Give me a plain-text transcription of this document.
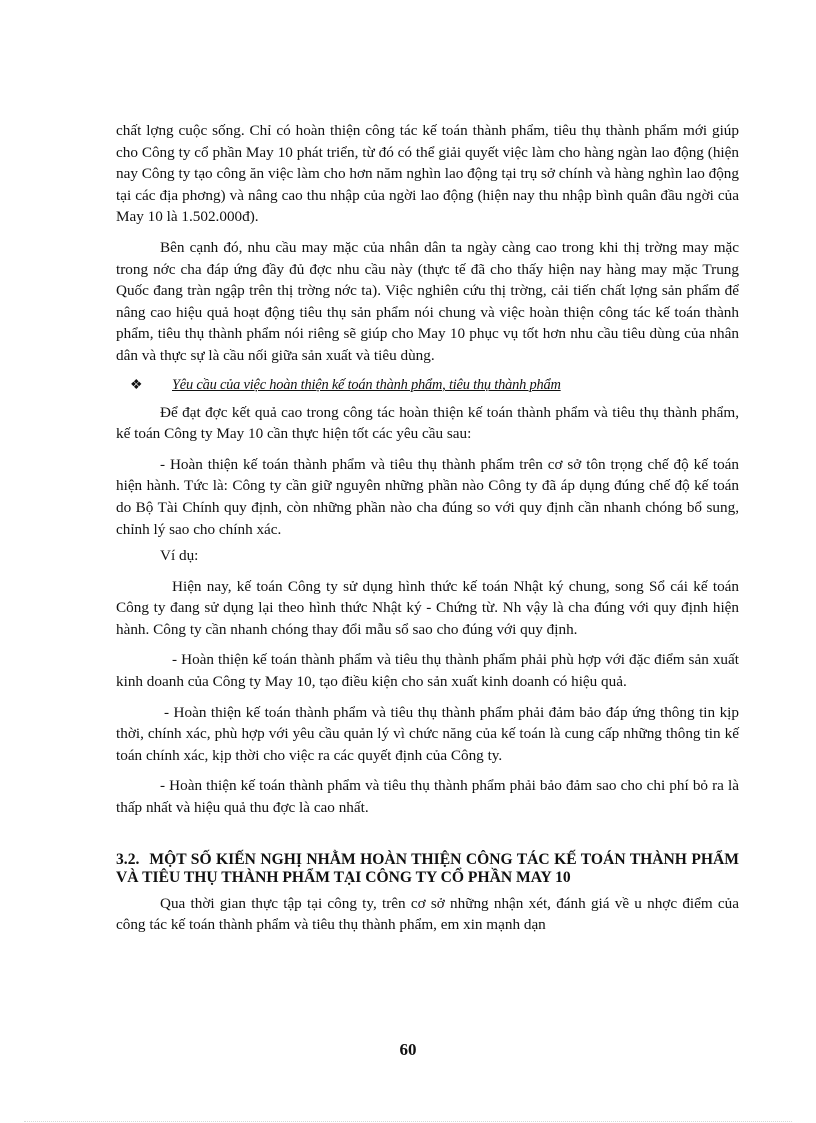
chất lợng cuộc sống. Chỉ có hoàn thiện công tác kế toán thành phẩm, tiêu thụ thành phẩm mới giúp cho Công ty cổ phần May 10 phát triển, từ đó có thể giải quyết việc làm cho hàng ngàn lao động (hiện nay Công ty tạo công ăn việc làm cho hơn năm nghìn lao động tại trụ sở chính và hàng nghìn lao động tại các địa phơng) và nâng cao thu nhập của ngời lao động (hiện nay thu nhập bình quân đầu ngời của May 10 là 1.502.000đ).

Bên cạnh đó, nhu cầu may mặc của nhân dân ta ngày càng cao trong khi thị trờng may mặc trong nớc cha đáp ứng đầy đủ đợc nhu cầu này (thực tế đã cho thấy hiện nay hàng may mặc Trung Quốc đang tràn ngập trên thị trờng nớc ta). Việc nghiên cứu thị trờng, cải tiến chất lợng sản phẩm để nâng cao hiệu quả hoạt động tiêu thụ sản phẩm nói chung và việc hoàn thiện công tác kế toán thành phẩm, tiêu thụ thành phẩm nói riêng sẽ giúp cho May 10 phục vụ tốt hơn nhu cầu tiêu dùng của nhân dân và thực sự là cầu nối giữa sản xuất và tiêu dùng.

❖	Yêu cầu của việc hoàn thiện kế toán thành phẩm, tiêu thụ thành phẩm

Để đạt đợc kết quả cao trong công tác hoàn thiện kế toán thành phẩm và tiêu thụ thành phẩm, kế toán Công ty May 10 cần thực hiện tốt các yêu cầu sau:

- Hoàn thiện kế toán thành phẩm và tiêu thụ thành phẩm trên cơ sở tôn trọng chế độ kế toán hiện hành. Tức là: Công ty cần giữ nguyên những phần nào Công ty đã áp dụng đúng chế độ kế toán do Bộ Tài Chính quy định, còn những phần nào cha đúng so với quy định cần nhanh chóng bổ sung, chỉnh lý sao cho chính xác.

Ví dụ:

Hiện nay, kế toán Công ty sử dụng hình thức kế toán Nhật ký chung, song Sổ cái kế toán Công ty đang sử dụng lại theo hình thức Nhật ký - Chứng từ. Nh vậy là cha đúng với quy định hiện hành. Công ty cần nhanh chóng thay đổi mẫu sổ sao cho đúng với quy định.

- Hoàn thiện kế toán thành phẩm và tiêu thụ thành phẩm phải phù hợp với đặc điểm sản xuất kinh doanh của Công ty May 10, tạo điều kiện cho sản xuất kinh doanh có hiệu quả.

- Hoàn thiện kế toán thành phẩm và tiêu thụ thành phẩm phải đảm bảo đáp ứng thông tin kịp thời, chính xác, phù hợp với yêu cầu quản lý vì chức năng của kế toán là cung cấp những thông tin kế toán chính xác, kịp thời cho việc ra các quyết định của Công ty.

- Hoàn thiện kế toán thành phẩm và tiêu thụ thành phẩm phải bảo đảm sao cho chi phí bỏ ra là thấp nhất và hiệu quả thu đợc là cao nhất.

3.2. MỘT SỐ KIẾN NGHỊ NHẰM HOÀN THIỆN CÔNG TÁC KẾ TOÁN THÀNH PHẨM VÀ TIÊU THỤ THÀNH PHẨM TẠI CÔNG TY CỔ PHẦN MAY 10

Qua thời gian thực tập tại công ty, trên cơ sở những nhận xét, đánh giá về u nhợc điểm của công tác kế toán thành phẩm và tiêu thụ thành phẩm, em xin mạnh dạn

60
